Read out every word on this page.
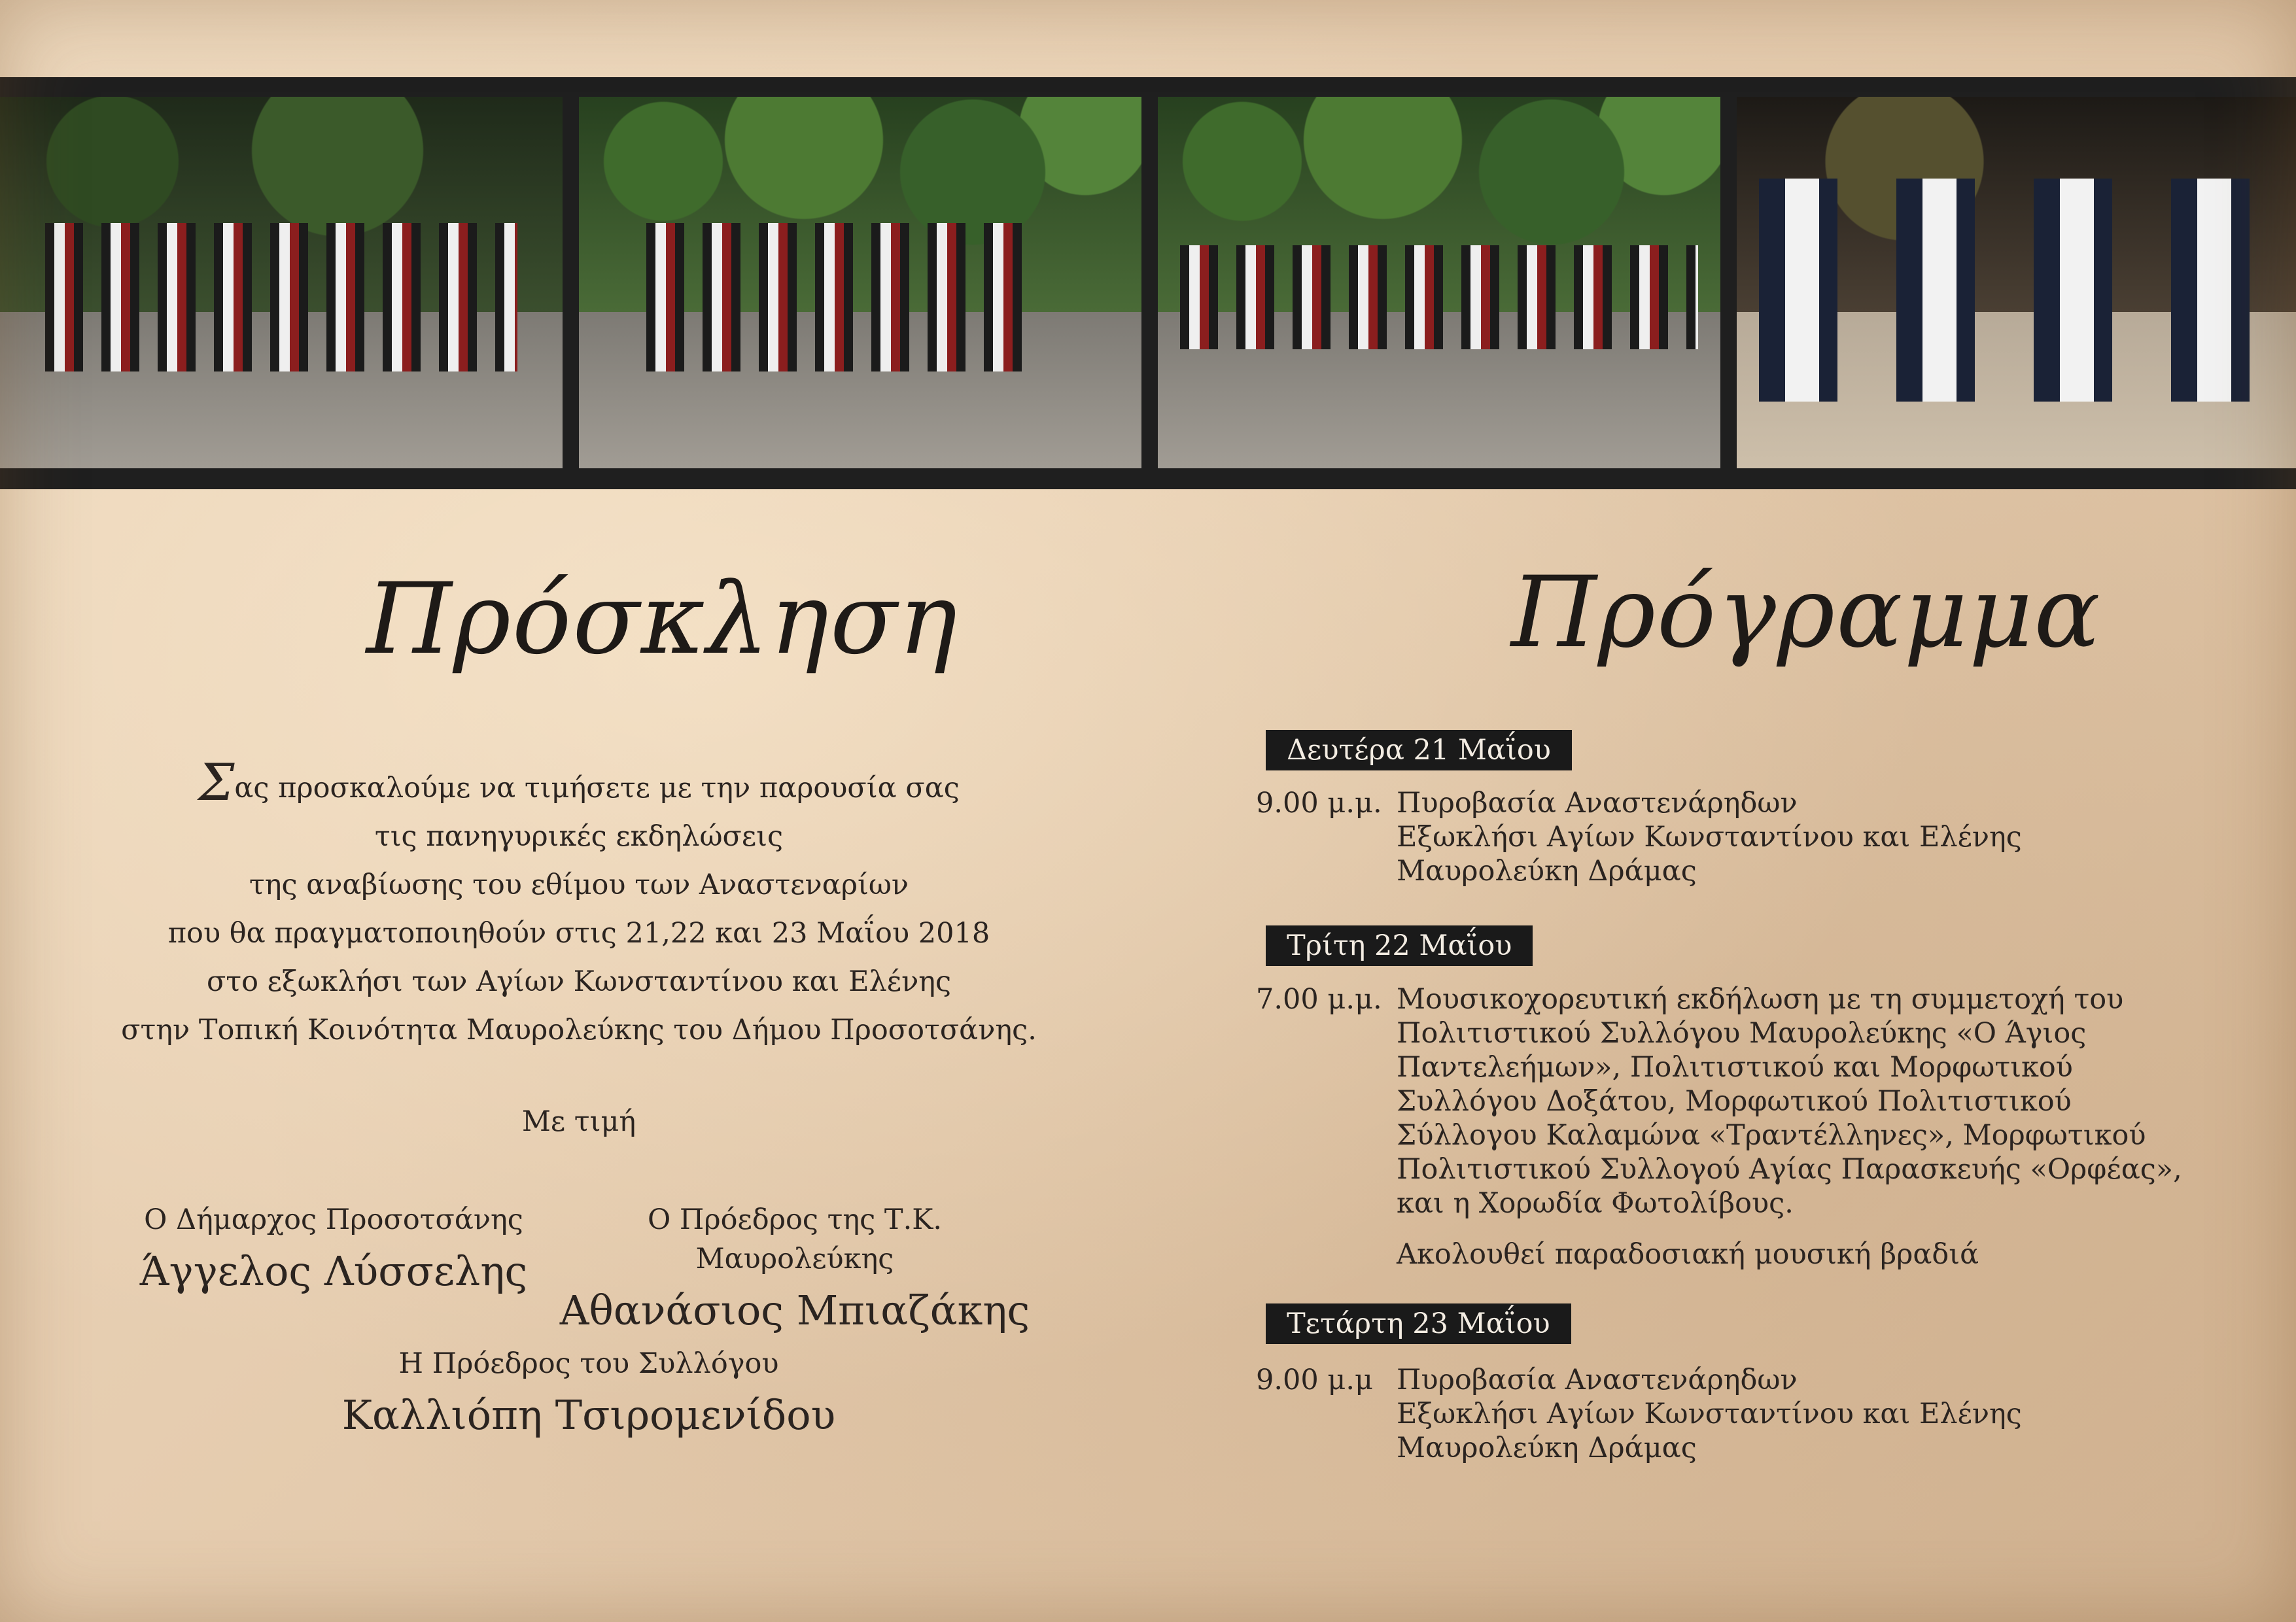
Πρόσκληση

Σας προσκαλούμε να τιμήσετε με την παρουσία σας

τις πανηγυρικές εκδηλώσεις

της αναβίωσης του εθίμου των Αναστεναρίων

που θα πραγματοποιηθούν στις 21,22 και 23 Μαΐου 2018

στο εξωκλήσι των Αγίων Κωνσταντίνου και Ελένης

στην Τοπική Κοινότητα Μαυρολεύκης του Δήμου Προσοτσάνης.

Με τιμή
Ο Δήμαρχος Προσοτσάνης
Άγγελος Λύσσελης
Ο Πρόεδρος της Τ.Κ. Μαυρολεύκης
Αθανάσιος Μπιαζάκης
Η Πρόεδρος του Συλλόγου
Καλλιόπη Τσιρομενίδου
Πρόγραμμα
Δευτέρα 21 Μαΐου
9.00 μ.μ. Πυροβασία Αναστενάρηδων
Εξωκλήσι Αγίων Κωνσταντίνου και Ελένης
Μαυρολεύκη Δράμας
Τρίτη 22 Μαΐου
7.00 μ.μ. Μουσικοχορευτική εκδήλωση με τη συμμετοχή του
Πολιτιστικού Συλλόγου Μαυρολεύκης «Ο Άγιος
Παντελεήμων», Πολιτιστικού και Μορφωτικού
Συλλόγου Δοξάτου, Μορφωτικού Πολιτιστικού
Σύλλογου Καλαμώνα «Τραντέλληνες», Μορφωτικού
Πολιτιστικού Συλλογού Αγίας Παρασκευής «Ορφέας»,
και η Χορωδία Φωτολίβους.
Ακολουθεί παραδοσιακή μουσική βραδιά
Τετάρτη 23 Μαΐου
9.00 μ.μ Πυροβασία Αναστενάρηδων
Εξωκλήσι Αγίων Κωνσταντίνου και Ελένης
Μαυρολεύκη Δράμας
